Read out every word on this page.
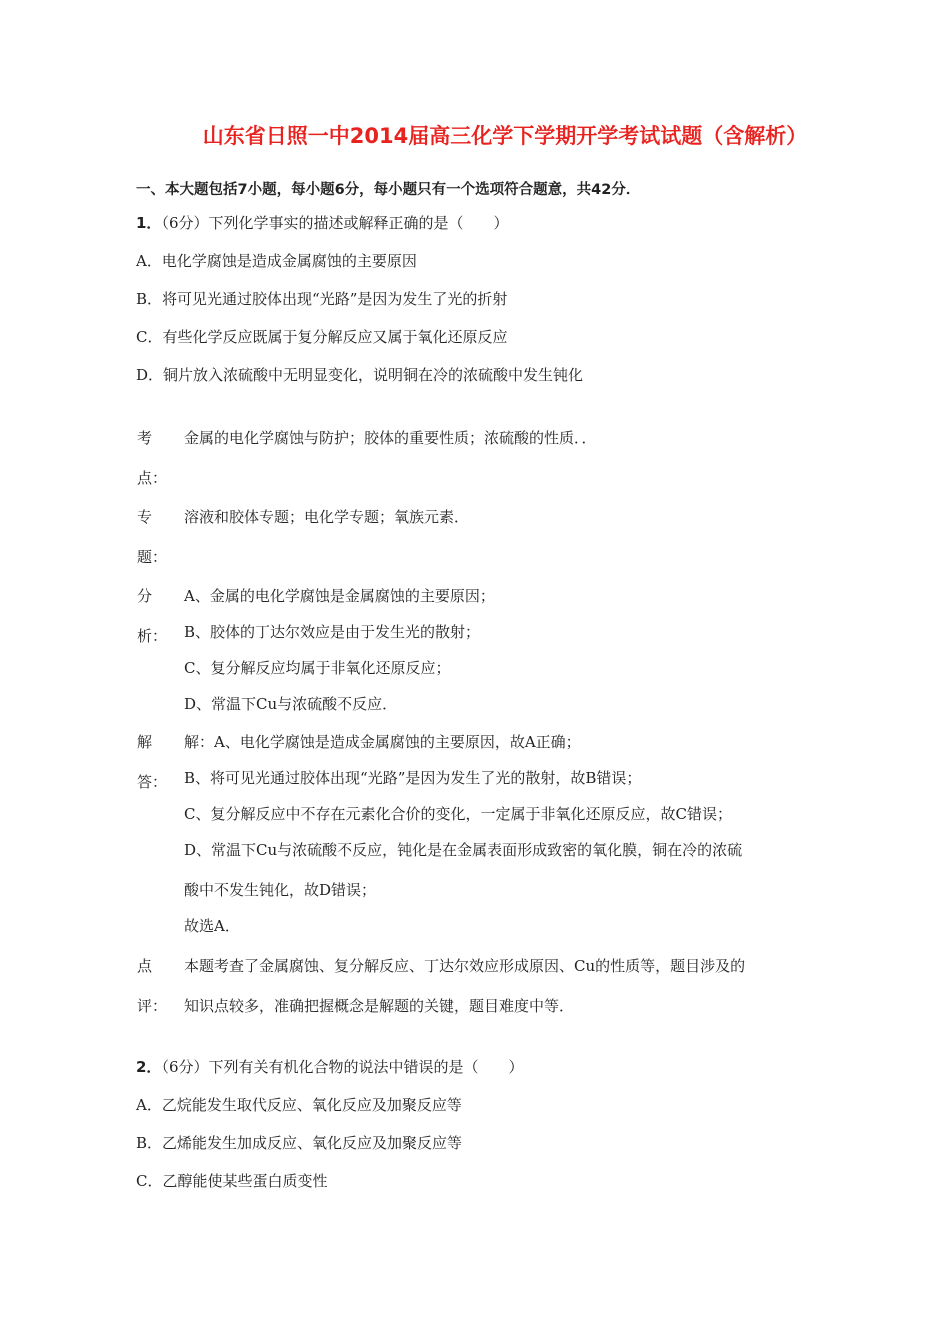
山东省日照一中2014届高三化学下学期开学考试试题（含解析）
一、本大题包括7小题，每小题6分，每小题只有一个选项符合题意，共42分．
1．（6分）下列化学事实的描述或解释正确的是（　　）
A．电化学腐蚀是造成金属腐蚀的主要原因
B．将可见光通过胶体出现“光路”是因为发生了光的折射
C．有些化学反应既属于复分解反应又属于氧化还原反应
D．铜片放入浓硫酸中无明显变化，说明铜在冷的浓硫酸中发生钝化
考
点：
金属的电化学腐蚀与防护；胶体的重要性质；浓硫酸的性质．．
专
题：
溶液和胶体专题；电化学专题；氧族元素．
分
析：
A、金属的电化学腐蚀是金属腐蚀的主要原因；
B、胶体的丁达尔效应是由于发生光的散射；
C、复分解反应均属于非氧化还原反应；
D、常温下Cu与浓硫酸不反应．
解
答：
解：A、电化学腐蚀是造成金属腐蚀的主要原因，故A正确；
B、将可见光通过胶体出现“光路”是因为发生了光的散射，故B错误；
C、复分解反应中不存在元素化合价的变化，一定属于非氧化还原反应，故C错误；
D、常温下Cu与浓硫酸不反应，钝化是在金属表面形成致密的氧化膜，铜在冷的浓硫
酸中不发生钝化，故D错误；
故选A．
点
评：
本题考查了金属腐蚀、复分解反应、丁达尔效应形成原因、Cu的性质等，题目涉及的
知识点较多，准确把握概念是解题的关键，题目难度中等．
2．（6分）下列有关有机化合物的说法中错误的是（　　）
A．乙烷能发生取代反应、氧化反应及加聚反应等
B．乙烯能发生加成反应、氧化反应及加聚反应等
C．乙醇能使某些蛋白质变性
